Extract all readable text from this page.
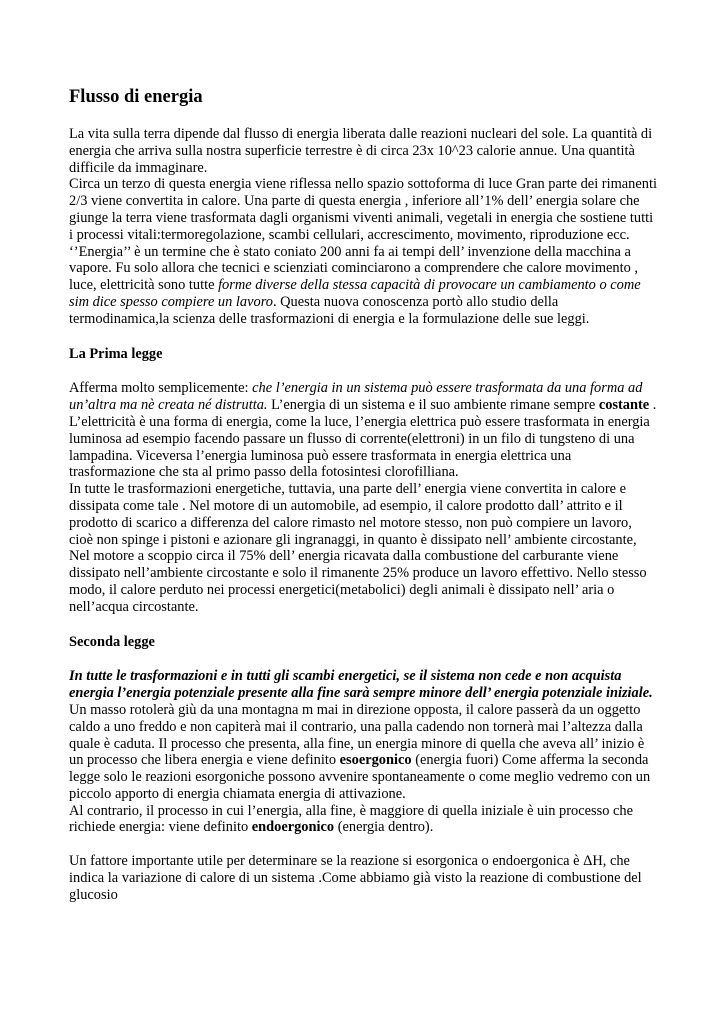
Flusso di energia

La vita sulla terra dipende dal flusso di energia liberata dalle reazioni nucleari del sole. La quantità di energia che arriva sulla nostra superficie terrestre è di circa 23x 10^23 calorie annue. Una quantità difficile da immaginare.

Circa un terzo di questa energia viene riflessa nello spazio sottoforma di luce Gran parte dei rimanenti 2/3 viene convertita in calore. Una parte di questa energia , inferiore all’1% dell’ energia solare che giunge la terra viene trasformata dagli organismi viventi animali, vegetali in energia che sostiene tutti i processi vitali:termoregolazione, scambi cellulari, accrescimento, movimento, riproduzione ecc.

‘’Energia’’ è un termine che è stato coniato 200 anni fa ai tempi dell’ invenzione della macchina a vapore. Fu solo allora che tecnici e scienziati cominciarono a comprendere che calore movimento , luce, elettricità sono tutte forme diverse della stessa capacità di provocare un cambiamento o come sim dice spesso compiere un lavoro. Questa nuova conoscenza portò allo studio della termodinamica,la scienza delle trasformazioni di energia e la formulazione delle sue leggi.

La Prima legge

Afferma molto semplicemente: che l’energia in un sistema può essere trasformata da una forma ad un’altra ma nè creata né distrutta. L’energia di un sistema e il suo ambiente rimane sempre costante .

L’elettricità è una forma di energia, come la luce, l’energia elettrica può essere trasformata in energia luminosa ad esempio facendo passare un flusso di corrente(elettroni) in un filo di tungsteno di una lampadina. Viceversa l’energia luminosa può essere trasformata in energia elettrica una trasformazione che sta al primo passo della fotosintesi clorofilliana.

In tutte le trasformazioni energetiche, tuttavia, una parte dell’ energia viene convertita in calore e dissipata come tale . Nel motore di un automobile, ad esempio, il calore prodotto dall’ attrito e il prodotto di scarico a differenza del calore rimasto nel motore stesso, non può compiere un lavoro, cioè non spinge i pistoni e azionare gli ingranaggi, in quanto è dissipato nell’ ambiente circostante,

Nel motore a scoppio circa il 75% dell’ energia ricavata dalla combustione del carburante viene dissipato nell’ambiente circostante e solo il rimanente 25% produce un lavoro effettivo. Nello stesso modo, il calore perduto nei processi energetici(metabolici) degli animali è dissipato nell’ aria o nell’acqua circostante.

Seconda legge

In tutte le trasformazioni e in tutti gli scambi energetici, se il sistema non cede e non acquista energia l’energia potenziale presente alla fine sarà sempre minore dell’ energia potenziale iniziale.

Un masso rotolerà giù da una montagna m mai in direzione opposta, il calore passerà da un oggetto caldo a uno freddo e non capiterà mai il contrario, una palla cadendo non tornerà mai l’altezza dalla quale è caduta. Il processo che presenta, alla fine, un energia minore di quella che aveva all’ inizio è un processo che libera energia e viene definito esoergonico (energia fuori) Come afferma la seconda legge solo le reazioni esorgoniche possono avvenire spontaneamente o come meglio vedremo con un piccolo apporto di energia chiamata energia di attivazione.

Al contrario, il processo in cui l’energia, alla fine, è maggiore di quella iniziale è uin processo che richiede energia: viene definito endoergonico (energia dentro).

Un fattore importante utile per determinare se la reazione si esorgonica o endoergonica è ΔH, che indica la variazione di calore di un sistema .Come abbiamo già visto la reazione di combustione del glucosio
